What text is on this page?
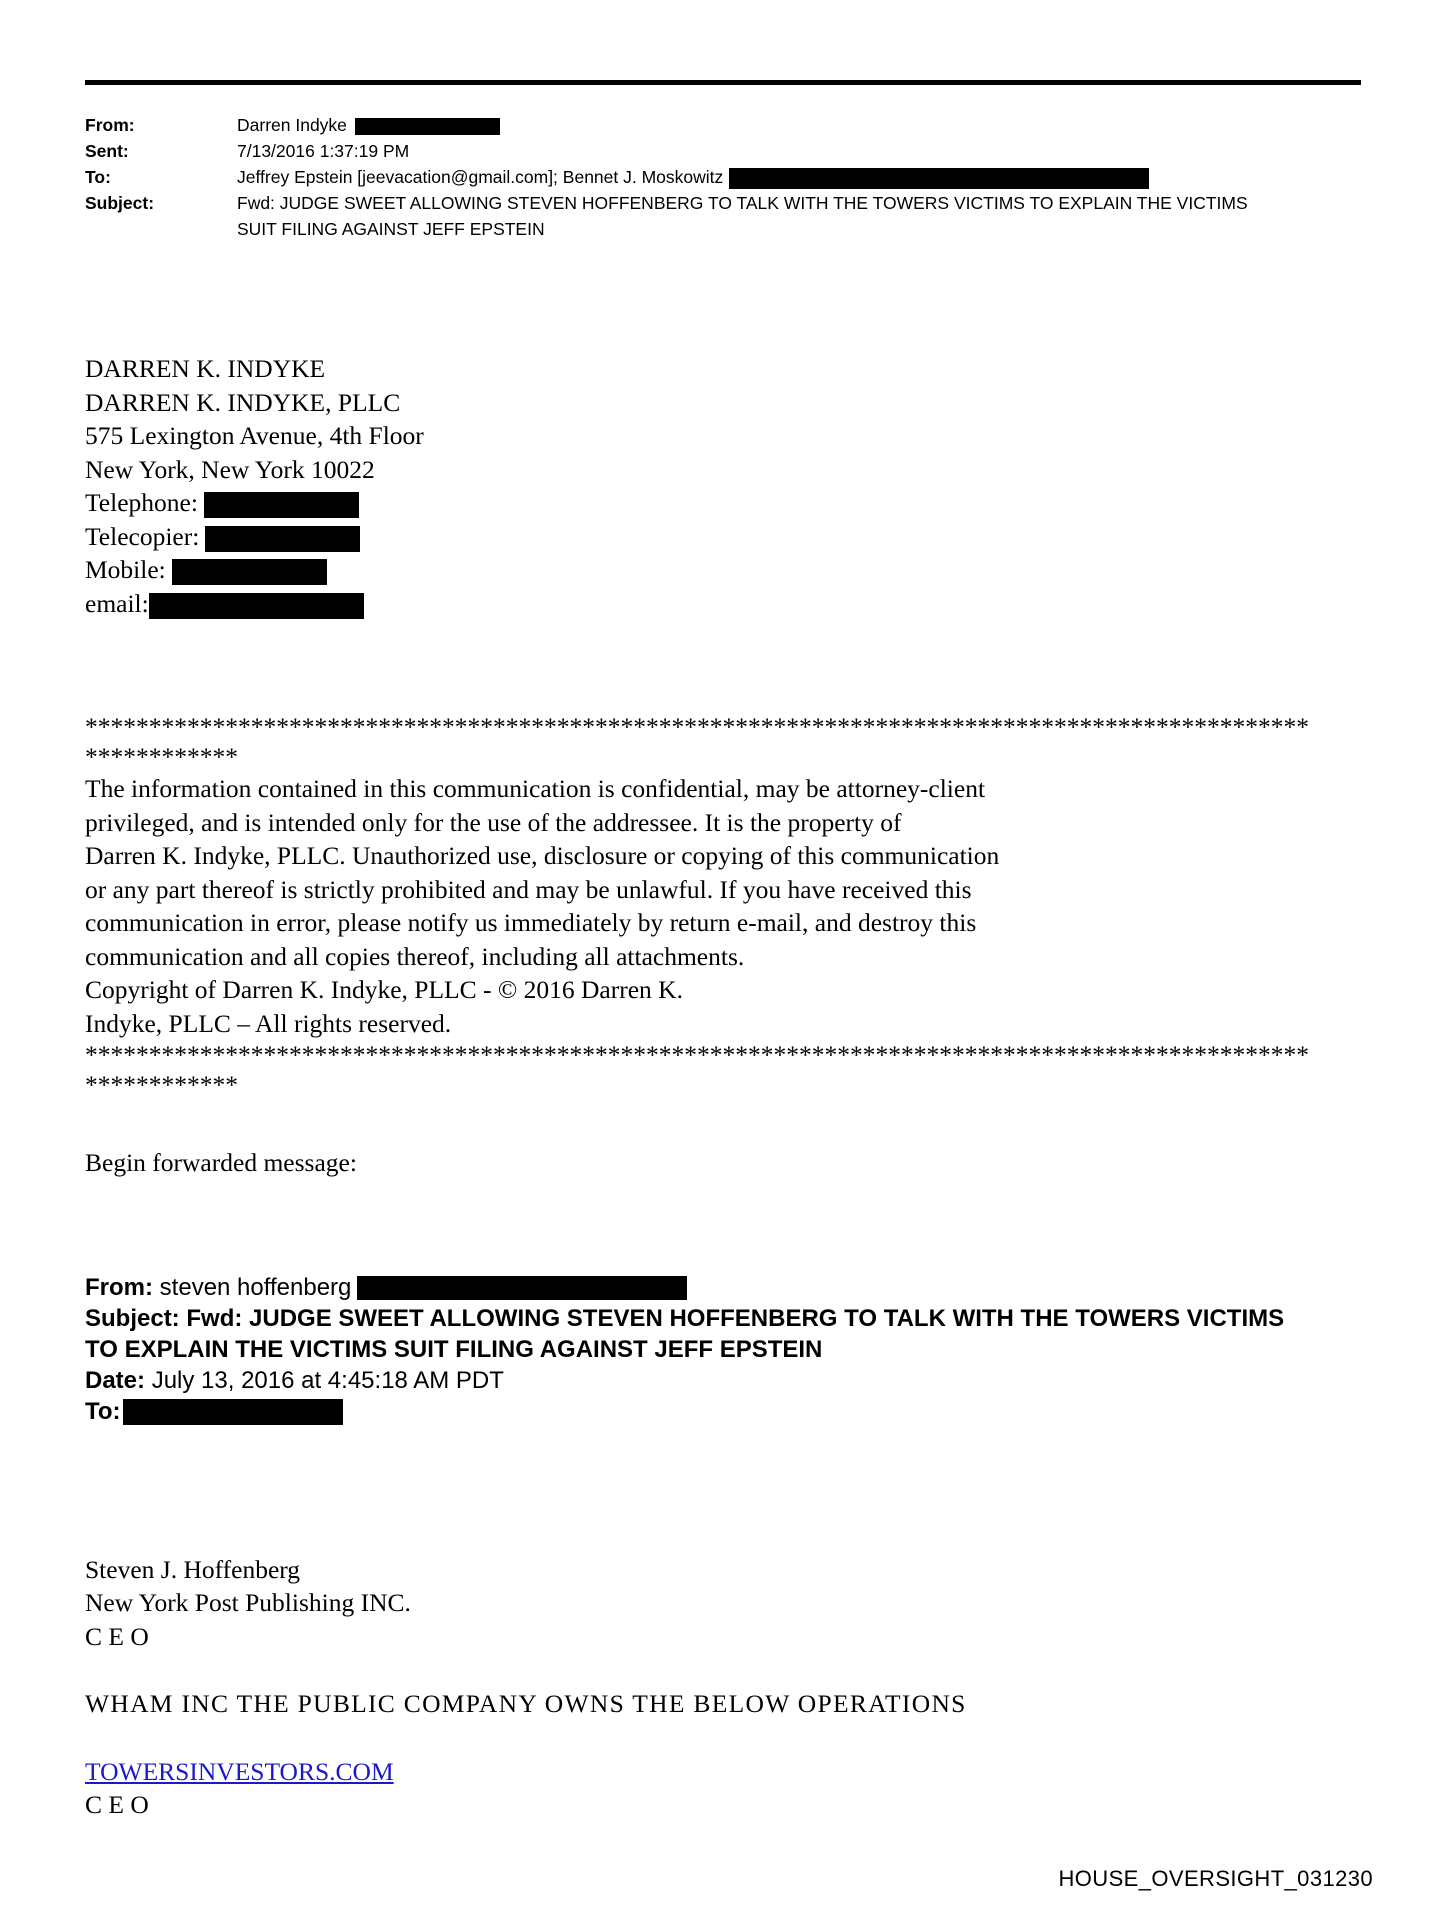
From:	Darren Indyke
Sent:	7/13/2016 1:37:19 PM
To:	Jeffrey Epstein [jeevacation@gmail.com]; Bennet J. Moskowitz
Subject:	Fwd: JUDGE SWEET ALLOWING STEVEN HOFFENBERG TO TALK WITH THE TOWERS VICTIMS TO EXPLAIN THE VICTIMS SUIT FILING AGAINST JEFF EPSTEIN
DARREN K. INDYKE
DARREN K. INDYKE, PLLC
575 Lexington Avenue, 4th Floor
New York, New York 10022
Telephone:
Telecopier:
Mobile:
email:
************************************************************************************************
************
The information contained in this communication is confidential, may be attorney-client
privileged, and is intended only for the use of the addressee. It is the property of
Darren K. Indyke, PLLC. Unauthorized use, disclosure or copying of this communication
or any part thereof is strictly prohibited and may be unlawful. If you have received this
communication in error, please notify us immediately by return e-mail, and destroy this
communication and all copies thereof, including all attachments.
Copyright of Darren K. Indyke, PLLC - © 2016 Darren K.
Indyke, PLLC – All rights reserved.
************************************************************************************************
************
Begin forwarded message:
From: steven hoffenberg
Subject: Fwd: JUDGE SWEET ALLOWING STEVEN HOFFENBERG TO TALK WITH THE TOWERS VICTIMS TO EXPLAIN THE VICTIMS SUIT FILING AGAINST JEFF EPSTEIN
Date: July 13, 2016 at 4:45:18 AM PDT
To:
Steven J. Hoffenberg
New York Post Publishing INC.
C E O
WHAM INC THE PUBLIC COMPANY OWNS THE BELOW OPERATIONS
TOWERSINVESTORS.COM
C E O
HOUSE_OVERSIGHT_031230
